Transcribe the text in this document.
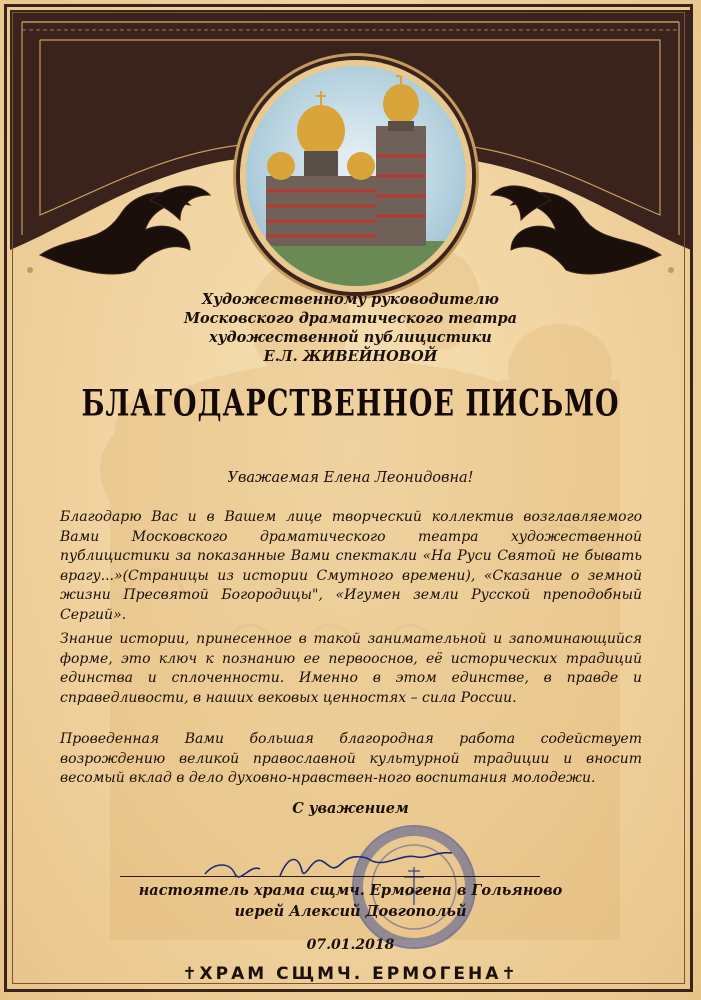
Художественному руководителю
Московского драматического театра
художественной публицистики
Е.Л. ЖИВЕЙНОВОЙ
БЛАГОДАРСТВЕННОЕ ПИСЬМО
Уважаемая Елена Леонидовна!
Благодарю Вас и в Вашем лице творческий коллектив возглавляемого Вами Московского драматического театра художественной публицистики за показанные Вами спектакли «На Руси Святой не бывать врагу...»(Страницы из истории Смутного времени), «Сказание о земной жизни Пресвятой Богородицы", «Игумен земли Русской преподобный Сергий».
Знание истории, принесенное в такой занимательной и запоминающийся форме, это ключ к познанию ее первооснов, её исторических традиций единства и сплоченности. Именно в этом единстве, в правде и справедливости, в наших вековых ценностях – сила России.
Проведенная Вами большая благородная работа содействует возрождению великой православной культурной традиции и вносит весомый вклад в дело духовно-нравствен-ного воспитания молодежи.
С уважением
настоятель храма сщмч. Ермогена в Гольяново
иерей Алексий Довгопольй
07.01.2018
✝ХРАМ СЩМЧ. ЕРМОГЕНА✝
